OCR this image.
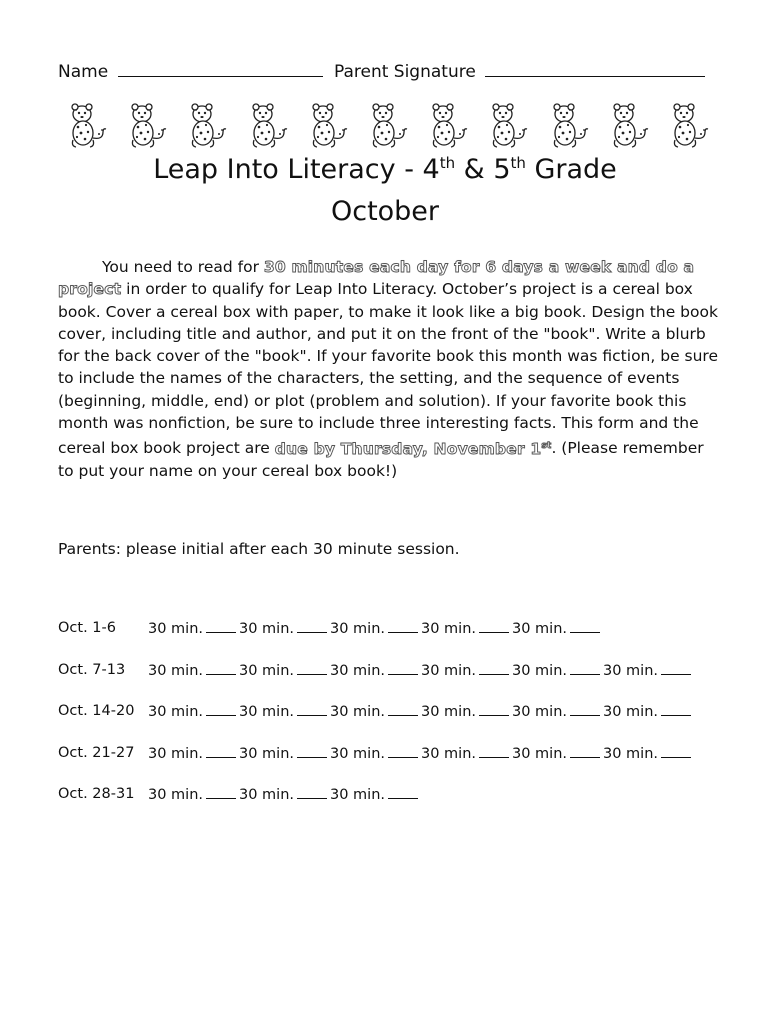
Name	Parent Signature
Leap Into Literacy - 4th & 5th Grade
October
You need to read for 30 minutes each day for 6 days a week and do a project in order to qualify for Leap Into Literacy. October’s project is a cereal box book. Cover a cereal box with paper, to make it look like a big book. Design the book cover, including title and author, and put it on the front of the "book". Write a blurb for the back cover of the "book". If your favorite book this month was fiction, be sure to include the names of the characters, the setting, and the sequence of events (beginning, middle, end) or plot (problem and solution). If your favorite book this month was nonfiction, be sure to include three interesting facts. This form and the cereal box book project are due by Thursday, November 1st. (Please remember to put your name on your cereal box book!)
Parents: please initial after each 30 minute session.
Oct. 1-6 30 min. 30 min. 30 min. 30 min. 30 min.
Oct. 7-13 30 min. 30 min. 30 min. 30 min. 30 min. 30 min.
Oct. 14-20 30 min. 30 min. 30 min. 30 min. 30 min. 30 min.
Oct. 21-27 30 min. 30 min. 30 min. 30 min. 30 min. 30 min.
Oct. 28-31 30 min. 30 min. 30 min.
